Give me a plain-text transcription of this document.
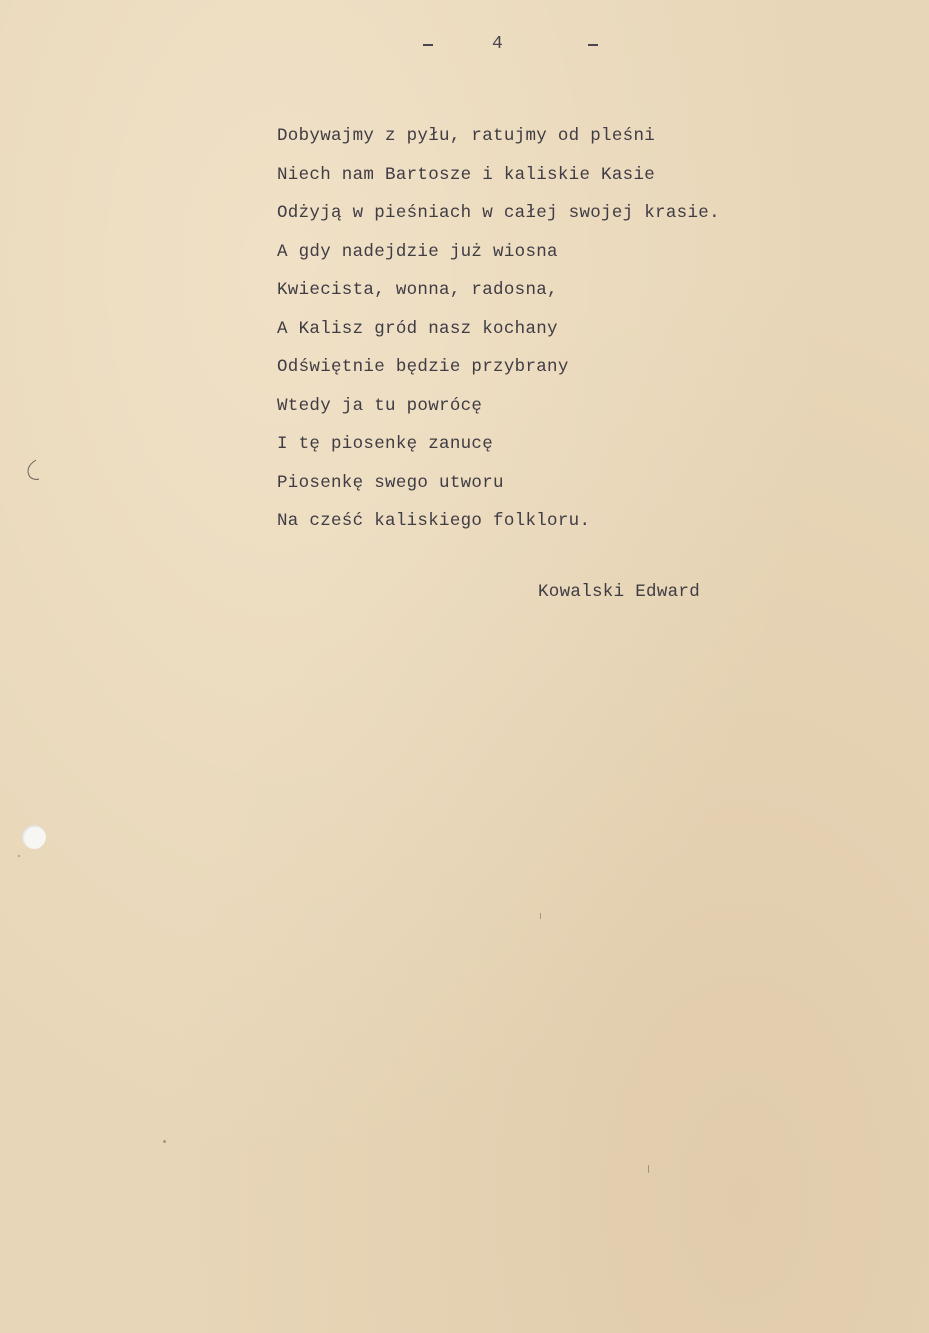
4
Dobywajmy z pyłu, ratujmy od pleśni
Niech nam Bartosze i kaliskie Kasie
Odżyją w pieśniach w całej swojej krasie.
A gdy nadejdzie już wiosna
Kwiecista, wonna, radosna,
A Kalisz gród nasz kochany
Odświętnie będzie przybrany
Wtedy ja tu powrócę
I tę piosenkę zanucę
Piosenkę swego utworu
Na cześć kaliskiego folkloru.
Kowalski Edward
